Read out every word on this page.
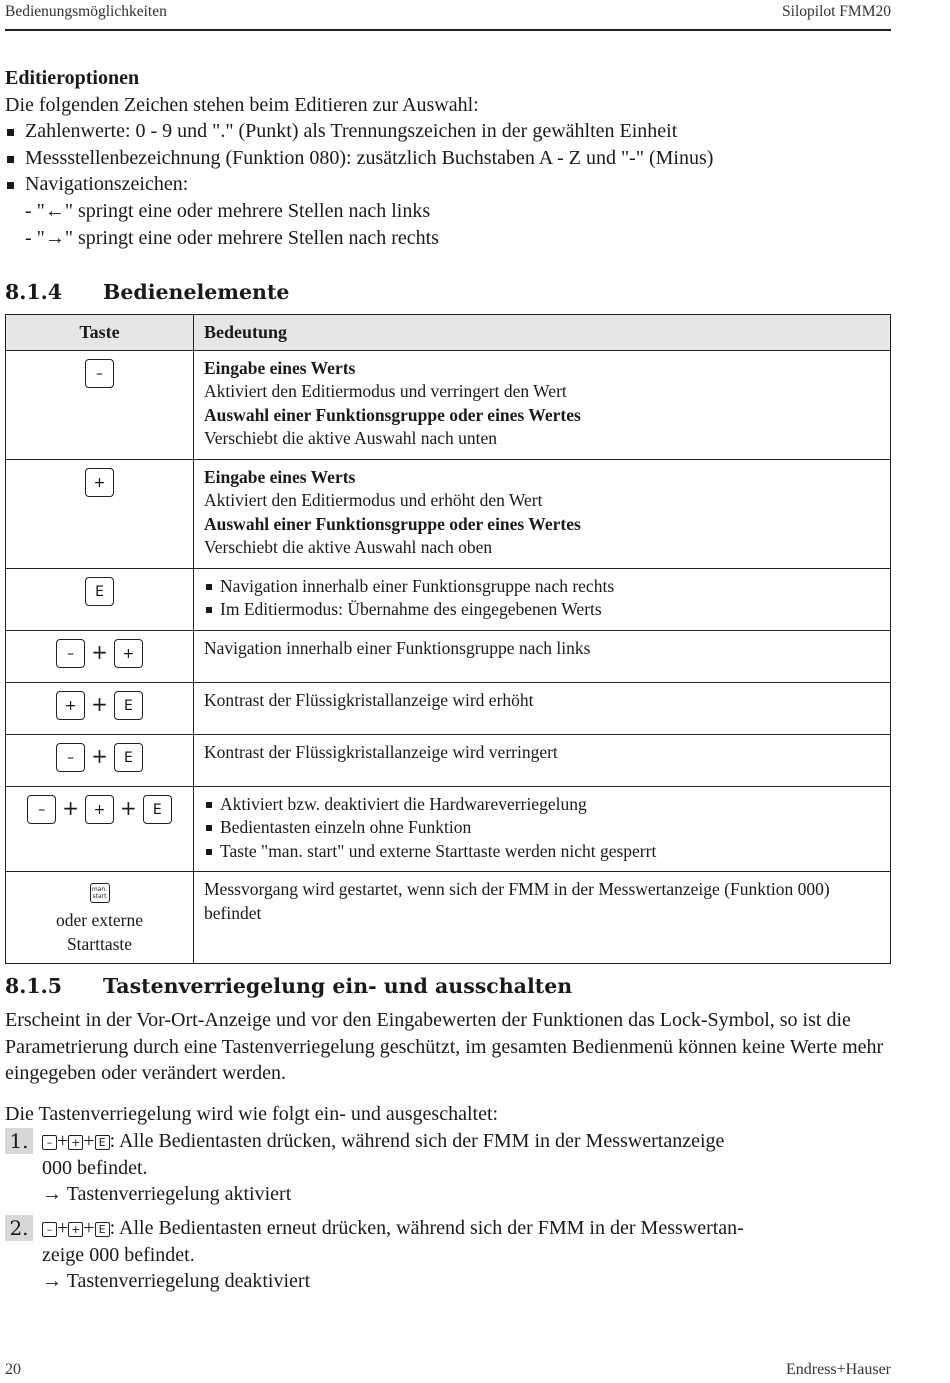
Bedienungsmöglichkeiten	Silopilot FMM20
Editieroptionen
Die folgenden Zeichen stehen beim Editieren zur Auswahl:
Zahlenwerte: 0 - 9 und "." (Punkt) als Trennungszeichen in der gewählten Einheit
Messstellenbezeichnung (Funktion 080): zusätzlich Buchstaben A - Z und "-" (Minus)
Navigationszeichen:
- "←" springt eine oder mehrere Stellen nach links
- "→" springt eine oder mehrere Stellen nach rechts
8.1.4 Bedienelemente
Taste	Bedeutung
–	Eingabe eines Werts
Aktiviert den Editiermodus und verringert den Wert
Auswahl einer Funktionsgruppe oder eines Wertes
Verschiebt die aktive Auswahl nach unten

+	Eingabe eines Werts
Aktiviert den Editiermodus und erhöht den Wert
Auswahl einer Funktionsgruppe oder eines Wertes
Verschiebt die aktive Auswahl nach oben

E	Navigation innerhalb einer Funktionsgruppe nach rechts
Im Editiermodus: Übernahme des eingegebenen Werts

– + +	Navigation innerhalb einer Funktionsgruppe nach links
+ + E	Kontrast der Flüssigkristallanzeige wird erhöht
– + E	Kontrast der Flüssigkristallanzeige wird verringert
– + + + E	Aktiviert bzw. deaktiviert die Hardwareverriegelung
Bedientasten einzeln ohne Funktion
Taste "man. start" und externe Starttaste werden nicht gesperrt

man.
start
oder externe Starttaste	Messvorgang wird gestartet, wenn sich der FMM in der Messwertanzeige (Funktion 000) befindet
8.1.5 Tastenverriegelung ein- und ausschalten
Erscheint in der Vor-Ort-Anzeige und vor den Eingabewerten der Funktionen das Lock-Symbol, so ist die Parametrierung durch eine Tastenverriegelung geschützt, im gesamten Bedienmenü können keine Werte mehr eingegeben oder verändert werden.
Die Tastenverriegelung wird wie folgt ein- und ausgeschaltet:
1.	– + + + E : Alle Bedientasten drücken, während sich der FMM in der Messwertanzeige
000 befindet.
→ Tastenverriegelung aktiviert
2.	– + + + E : Alle Bedientasten erneut drücken, während sich der FMM in der Messwertan-
zeige 000 befindet.
→ Tastenverriegelung deaktiviert
20	Endress+Hauser
